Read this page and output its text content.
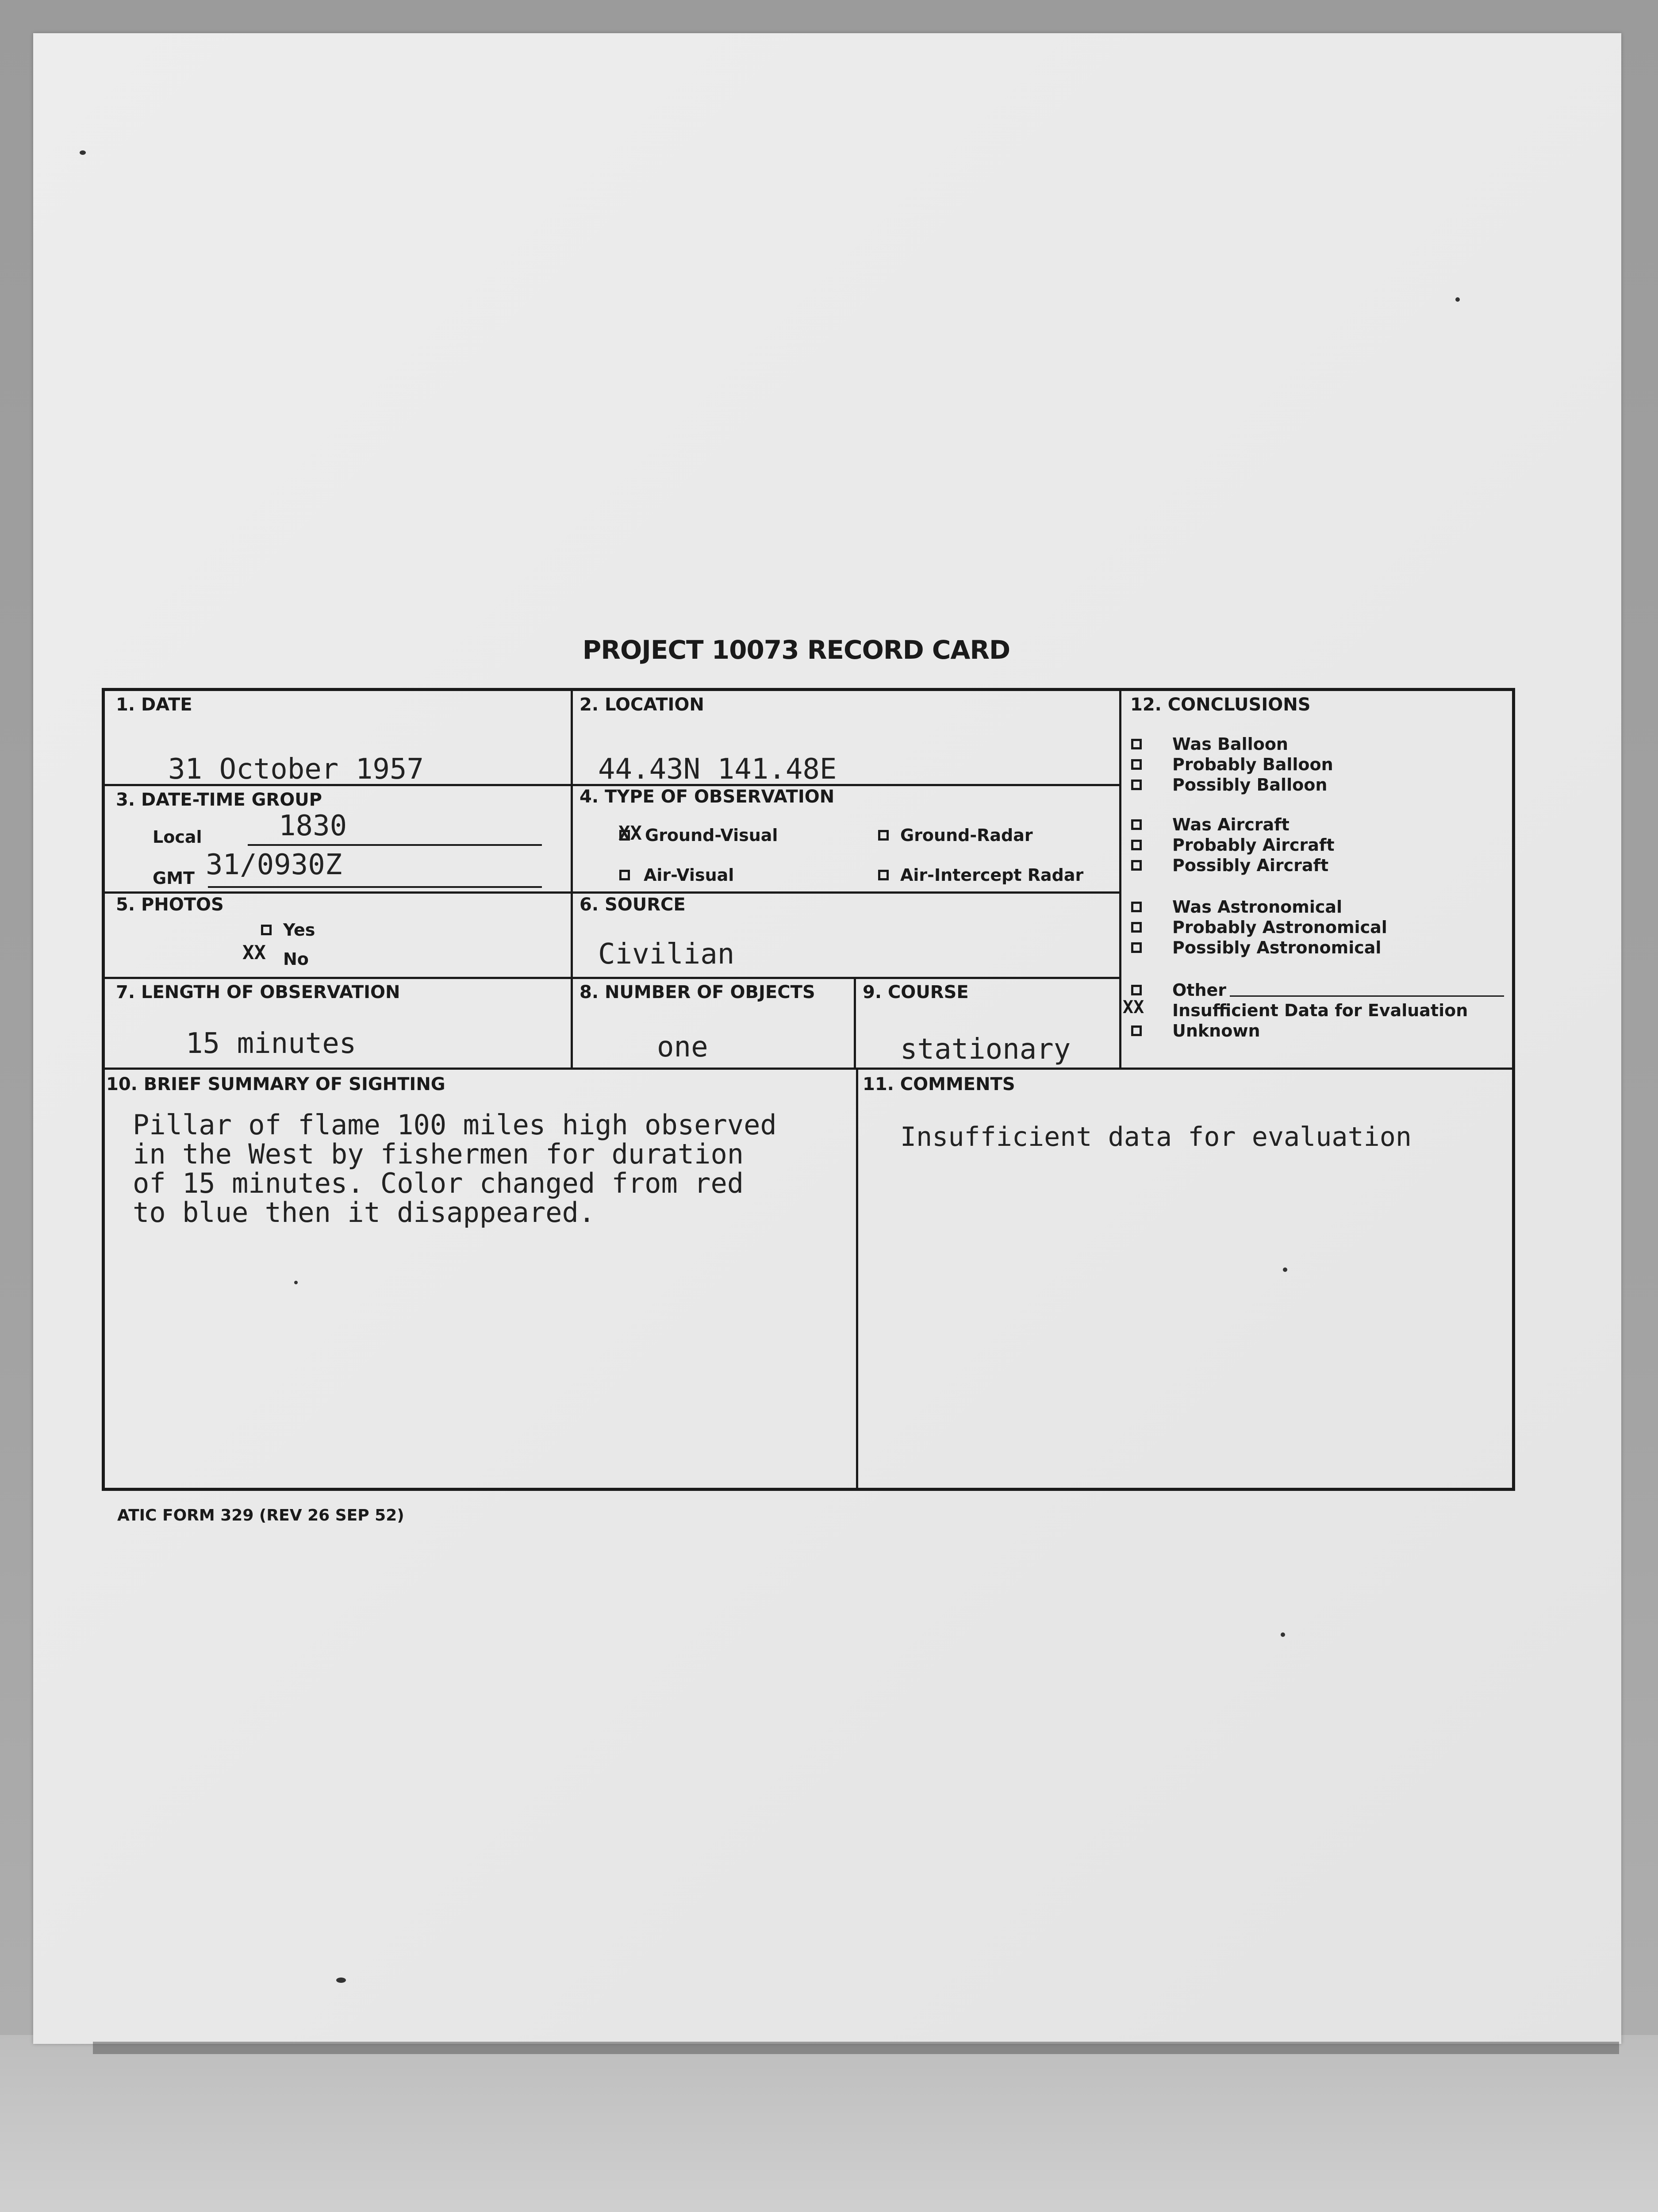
PROJECT 10073 RECORD CARD
1. DATE
31 October 1957
2. LOCATION
44.43N 141.48E
3. DATE-TIME GROUP
Local	1830
GMT 31/0930Z
4. TYPE OF OBSERVATION
XX Ground-Visual	Ground-Radar
Air-Visual	Air-Intercept Radar
5. PHOTOS
Yes
XX No
6. SOURCE
Civilian
7. LENGTH OF OBSERVATION
15 minutes
8. NUMBER OF OBJECTS
one
9. COURSE
stationary
10. BRIEF SUMMARY OF SIGHTING
Pillar of flame 100 miles high observed
in the West by fishermen for duration
of 15 minutes. Color changed from red
to blue then it disappeared.
11. COMMENTS
Insufficient data for evaluation
12. CONCLUSIONS
Was Balloon
Probably Balloon
Possibly Balloon
Was Aircraft
Probably Aircraft
Possibly Aircraft
Was Astronomical
Probably Astronomical
Possibly Astronomical
Other
XX Insufficient Data for Evaluation
Unknown
ATIC FORM 329 (REV 26 SEP 52)
